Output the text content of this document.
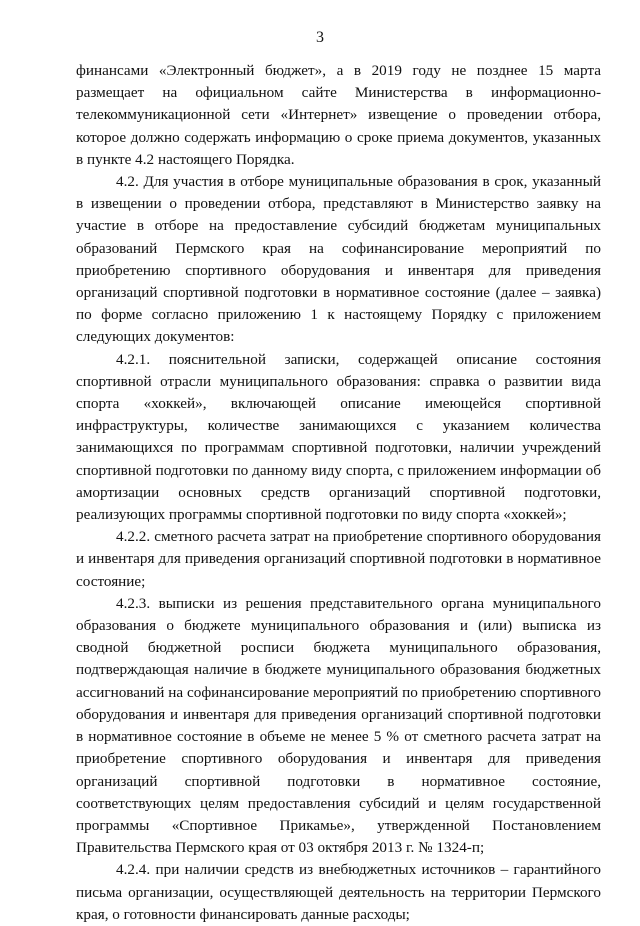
3

финансами «Электронный бюджет», а в 2019 году не позднее 15 марта размещает на официальном сайте Министерства в информационно-телекоммуникационной сети «Интернет» извещение о проведении отбора, которое должно содержать информацию о сроке приема документов, указанных в пункте 4.2 настоящего Порядка.

4.2. Для участия в отборе муниципальные образования в срок, указанный в извещении о проведении отбора, представляют в Министерство заявку на участие в отборе на предоставление субсидий бюджетам муниципальных образований Пермского края на софинансирование мероприятий по приобретению спортивного оборудования и инвентаря для приведения организаций спортивной подготовки в нормативное состояние (далее – заявка) по форме согласно приложению 1 к настоящему Порядку с приложением следующих документов:

4.2.1. пояснительной записки, содержащей описание состояния спортивной отрасли муниципального образования: справка о развитии вида спорта «хоккей», включающей описание имеющейся спортивной инфраструктуры, количестве занимающихся с указанием количества занимающихся по программам спортивной подготовки, наличии учреждений спортивной подготовки по данному виду спорта, с приложением информации об амортизации основных средств организаций спортивной подготовки, реализующих программы спортивной подготовки по виду спорта «хоккей»;

4.2.2. сметного расчета затрат на приобретение спортивного оборудования и инвентаря для приведения организаций спортивной подготовки в нормативное состояние;

4.2.3. выписки из решения представительного органа муниципального образования о бюджете муниципального образования и (или) выписка из сводной бюджетной росписи бюджета муниципального образования, подтверждающая наличие в бюджете муниципального образования бюджетных ассигнований на софинансирование мероприятий по приобретению спортивного оборудования и инвентаря для приведения организаций спортивной подготовки в нормативное состояние в объеме не менее 5 % от сметного расчета затрат на приобретение спортивного оборудования и инвентаря для приведения организаций спортивной подготовки в нормативное состояние, соответствующих целям предоставления субсидий и целям государственной программы «Спортивное Прикамье», утвержденной Постановлением Правительства Пермского края от 03 октября 2013 г. № 1324-п;

4.2.4. при наличии средств из внебюджетных источников – гарантийного письма организации, осуществляющей деятельность на территории Пермского края, о готовности финансировать данные расходы;
